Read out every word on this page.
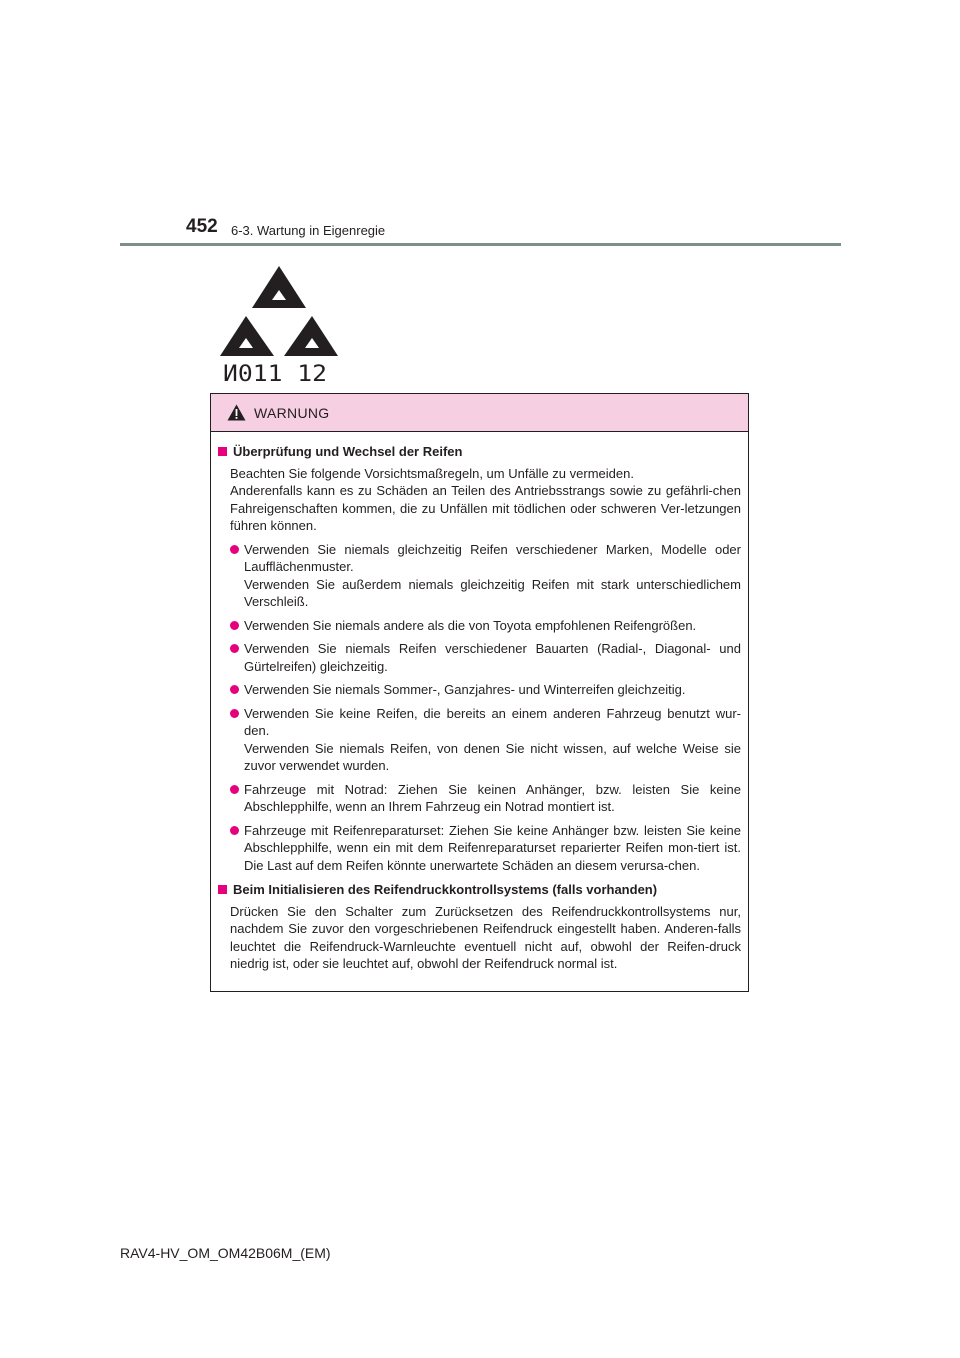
452 6-3. Wartung in Eigenregie
И011 12
WARNUNG
Überprüfung und Wechsel der Reifen

Beachten Sie folgende Vorsichtsmaßregeln, um Unfälle zu vermeiden.

Anderenfalls kann es zu Schäden an Teilen des Antriebsstrangs sowie zu gefährli-chen Fahreigenschaften kommen, die zu Unfällen mit tödlichen oder schweren Ver-letzungen führen können.

Verwenden Sie niemals gleichzeitig Reifen verschiedener Marken, Modelle oder Laufflächenmuster.

Verwenden Sie außerdem niemals gleichzeitig Reifen mit stark unterschiedlichem Verschleiß.

Verwenden Sie niemals andere als die von Toyota empfohlenen Reifengrößen.

Verwenden Sie niemals Reifen verschiedener Bauarten (Radial-, Diagonal- und Gürtelreifen) gleichzeitig.

Verwenden Sie niemals Sommer-, Ganzjahres- und Winterreifen gleichzeitig.

Verwenden Sie keine Reifen, die bereits an einem anderen Fahrzeug benutzt wur-den.

Verwenden Sie niemals Reifen, von denen Sie nicht wissen, auf welche Weise sie zuvor verwendet wurden.

Fahrzeuge mit Notrad: Ziehen Sie keinen Anhänger, bzw. leisten Sie keine Abschlepphilfe, wenn an Ihrem Fahrzeug ein Notrad montiert ist.

Fahrzeuge mit Reifenreparaturset: Ziehen Sie keine Anhänger bzw. leisten Sie keine Abschlepphilfe, wenn ein mit dem Reifenreparaturset reparierter Reifen mon-tiert ist. Die Last auf dem Reifen könnte unerwartete Schäden an diesem verursa-chen.

Beim Initialisieren des Reifendruckkontrollsystems (falls vorhanden)

Drücken Sie den Schalter zum Zurücksetzen des Reifendruckkontrollsystems nur, nachdem Sie zuvor den vorgeschriebenen Reifendruck eingestellt haben. Anderen-falls leuchtet die Reifendruck-Warnleuchte eventuell nicht auf, obwohl der Reifen-druck niedrig ist, oder sie leuchtet auf, obwohl der Reifendruck normal ist.

RAV4-HV_OM_OM42B06M_(EM)
